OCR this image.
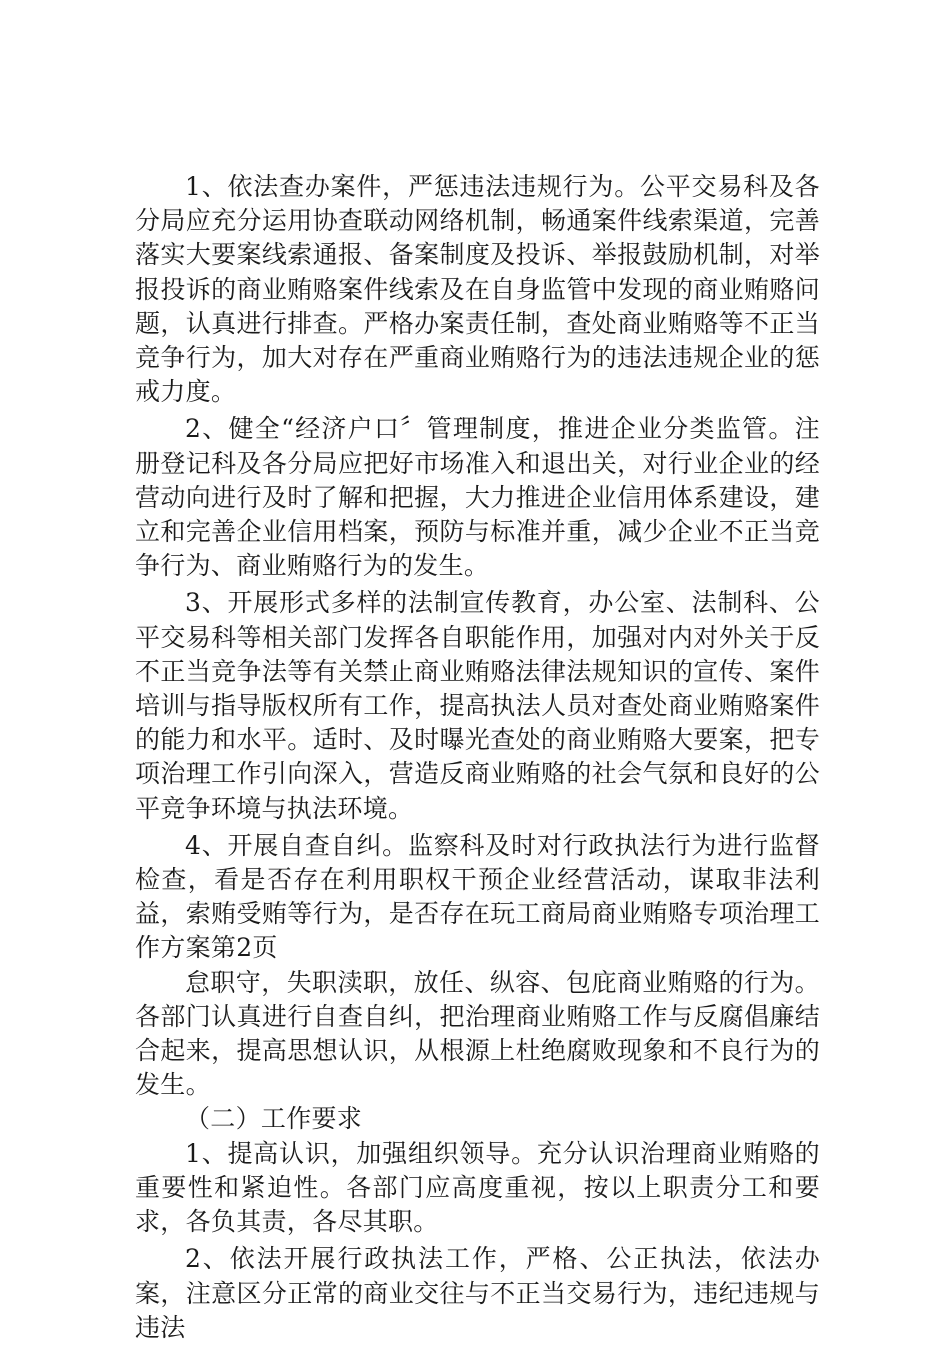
1、依法查办案件，严惩违法违规行为。公平交易科及各分局应充分运用协查联动网络机制，畅通案件线索渠道，完善落实大要案线索通报、备案制度及投诉、举报鼓励机制，对举报投诉的商业贿赂案件线索及在自身监管中发现的商业贿赂问题，认真进行排查。严格办案责任制，查处商业贿赂等不正当竞争行为，加大对存在严重商业贿赂行为的违法违规企业的惩戒力度。

2、健全“经济户口〞管理制度，推进企业分类监管。注册登记科及各分局应把好市场准入和退出关，对行业企业的经营动向进行及时了解和把握，大力推进企业信用体系建设，建立和完善企业信用档案，预防与标准并重，减少企业不正当竞争行为、商业贿赂行为的发生。

3、开展形式多样的法制宣传教育，办公室、法制科、公平交易科等相关部门发挥各自职能作用，加强对内对外关于反不正当竞争法等有关禁止商业贿赂法律法规知识的宣传、案件培训与指导版权所有工作，提高执法人员对查处商业贿赂案件的能力和水平。适时、及时曝光查处的商业贿赂大要案，把专项治理工作引向深入，营造反商业贿赂的社会气氛和良好的公平竞争环境与执法环境。

4、开展自查自纠。监察科及时对行政执法行为进行监督检查，看是否存在利用职权干预企业经营活动，谋取非法利益，索贿受贿等行为，是否存在玩工商局商业贿赂专项治理工作方案第2页

怠职守，失职渎职，放任、纵容、包庇商业贿赂的行为。各部门认真进行自查自纠，把治理商业贿赂工作与反腐倡廉结合起来，提高思想认识，从根源上杜绝腐败现象和不良行为的发生。

（二）工作要求

1、提高认识，加强组织领导。充分认识治理商业贿赂的重要性和紧迫性。各部门应高度重视，按以上职责分工和要求，各负其责，各尽其职。

2、依法开展行政执法工作，严格、公正执法，依法办案，注意区分正常的商业交往与不正当交易行为，违纪违规与违法
